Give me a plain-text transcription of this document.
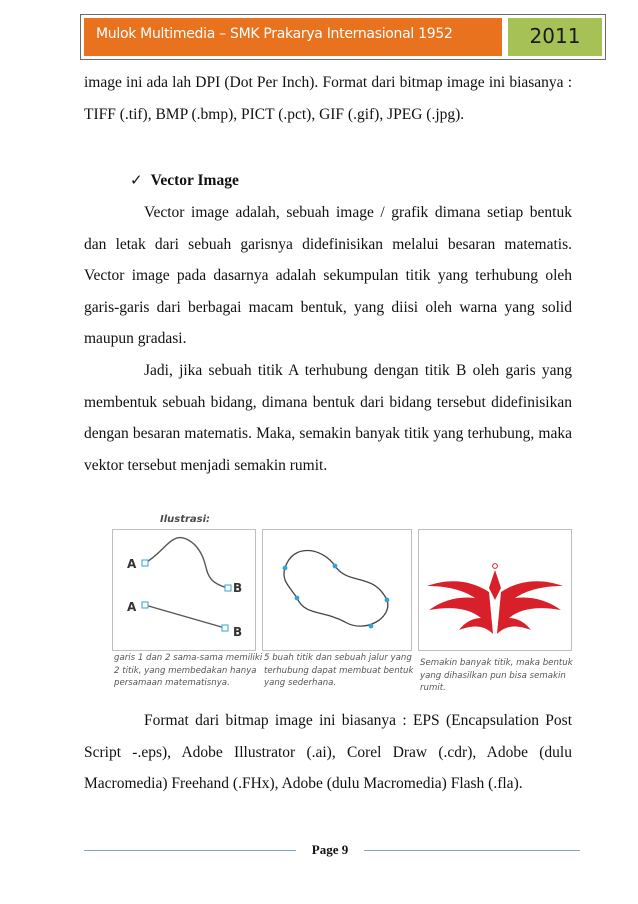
Mulok Multimedia – SMK Prakarya Internasional 1952	2011
image ini ada lah DPI (Dot Per Inch). Format dari bitmap image ini biasanya : TIFF (.tif), BMP (.bmp), PICT (.pct), GIF (.gif), JPEG (.jpg).
✓ Vector Image
Vector image adalah, sebuah image / grafik dimana setiap bentuk dan letak dari sebuah garisnya didefinisikan melalui besaran matematis. Vector image pada dasarnya adalah sekumpulan titik yang terhubung oleh garis-garis dari berbagai macam bentuk, yang diisi oleh warna yang solid maupun gradasi.
Jadi, jika sebuah titik A terhubung dengan titik B oleh garis yang membentuk sebuah bidang, dimana bentuk dari bidang tersebut didefinisikan dengan besaran matematis. Maka, semakin banyak titik yang terhubung, maka vektor tersebut menjadi semakin rumit.
Ilustrasi:
A
B
A
B
garis 1 dan 2 sama-sama memiliki
2 titik, yang membedakan hanya
persamaan matematisnya.
5 buah titik dan sebuah jalur yang
terhubung dapat membuat bentuk
yang sederhana.
Semakin banyak titik, maka bentuk
yang dihasilkan pun bisa semakin
rumit.
Format dari bitmap image ini biasanya : EPS (Encapsulation Post Script -.eps), Adobe Illustrator (.ai), Corel Draw (.cdr), Adobe (dulu Macromedia) Freehand (.FHx), Adobe (dulu Macromedia) Flash (.fla).
Page 9
